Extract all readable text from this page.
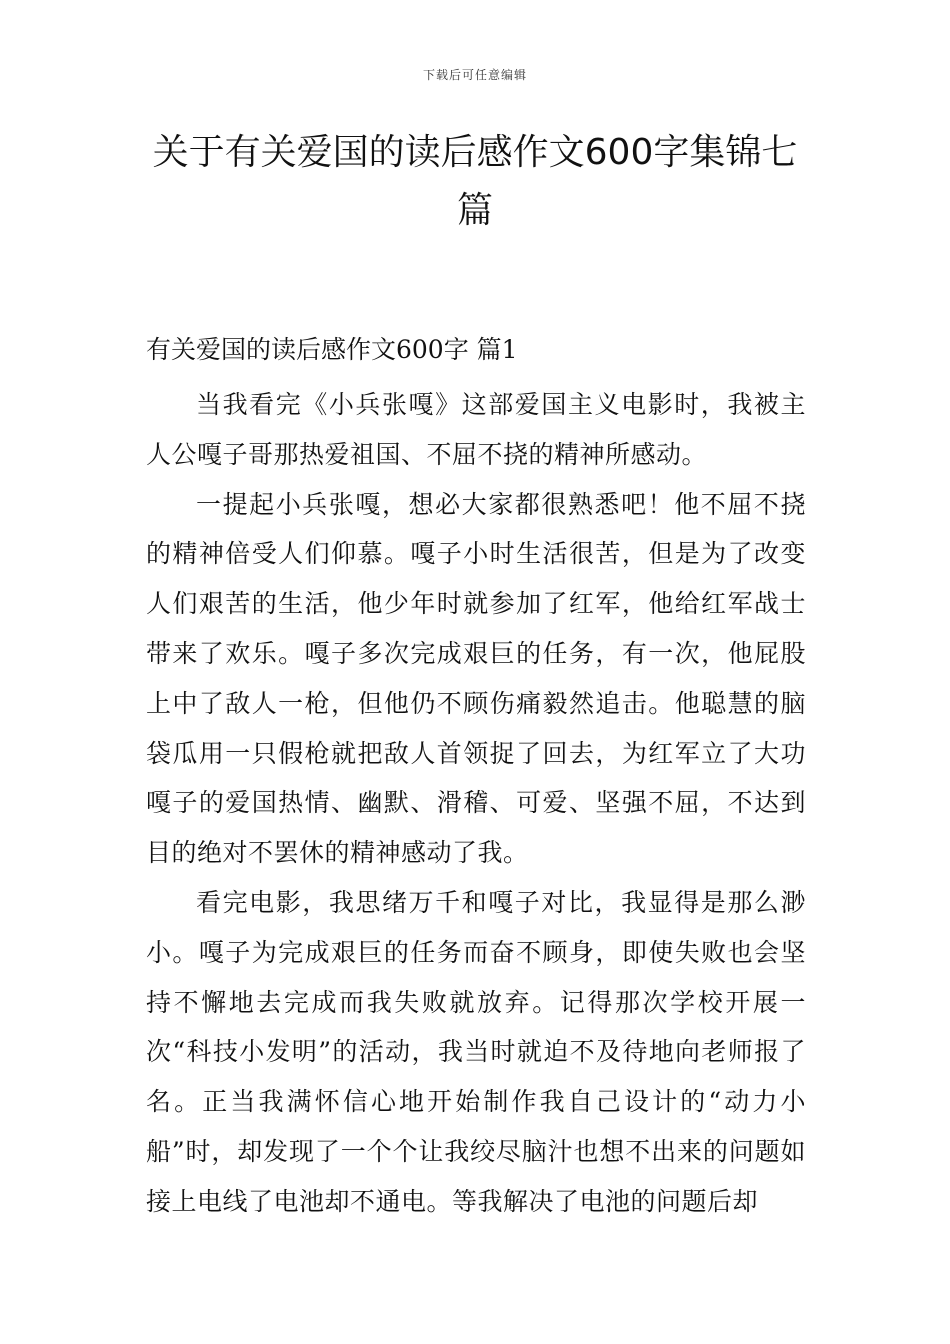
下载后可任意编辑
关于有关爱国的读后感作文600字集锦七篇
有关爱国的读后感作文600字 篇1

当我看完《小兵张嘎》这部爱国主义电影时，我被主人公嘎子哥那热爱祖国、不屈不挠的精神所感动。

一提起小兵张嘎，想必大家都很熟悉吧！他不屈不挠的精神倍受人们仰慕。嘎子小时生活很苦，但是为了改变人们艰苦的生活，他少年时就参加了红军，他给红军战士带来了欢乐。嘎子多次完成艰巨的任务，有一次，他屁股上中了敌人一枪，但他仍不顾伤痛毅然追击。他聪慧的脑袋瓜用一只假枪就把敌人首领捉了回去，为红军立了大功嘎子的爱国热情、幽默、滑稽、可爱、坚强不屈，不达到目的绝对不罢休的精神感动了我。

看完电影，我思绪万千和嘎子对比，我显得是那么渺小。嘎子为完成艰巨的任务而奋不顾身，即使失败也会坚持不懈地去完成而我失败就放弃。记得那次学校开展一次“科技小发明”的活动，我当时就迫不及待地向老师报了名。正当我满怀信心地开始制作我自己设计的“动力小船”时，却发现了一个个让我绞尽脑汁也想不出来的问题如接上电线了电池却不通电。等我解决了电池的问题后却
